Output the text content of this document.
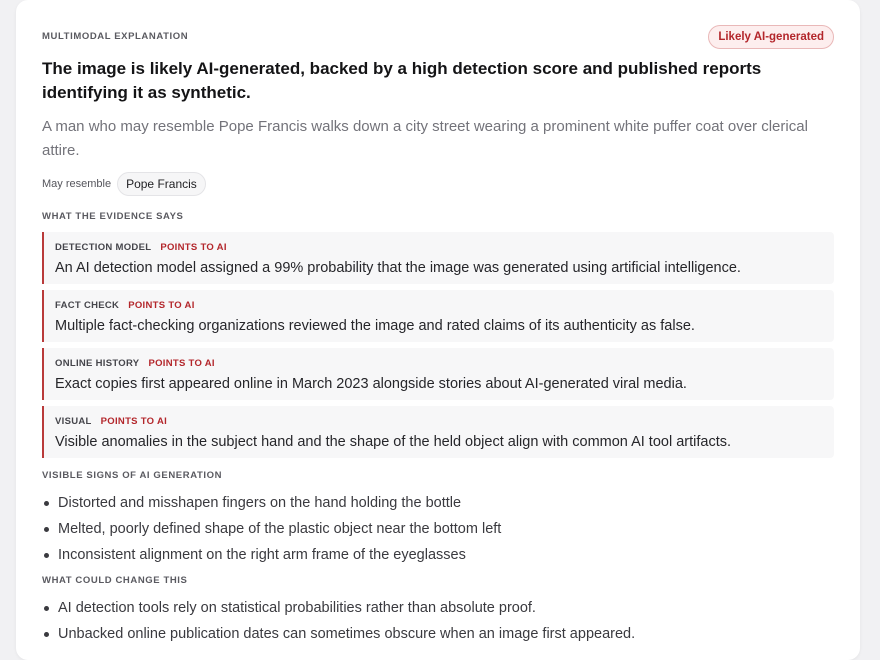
MULTIMODAL EXPLANATION	Likely AI-generated
The image is likely AI-generated, backed by a high detection score and published reports identifying it as synthetic.
A man who may resemble Pope Francis walks down a city street wearing a prominent white puffer coat over clerical attire.
May resemble	Pope Francis
WHAT THE EVIDENCE SAYS
DETECTION MODEL POINTS TO AI
An AI detection model assigned a 99% probability that the image was generated using artificial intelligence.
FACT CHECK POINTS TO AI
Multiple fact-checking organizations reviewed the image and rated claims of its authenticity as false.
ONLINE HISTORY POINTS TO AI
Exact copies first appeared online in March 2023 alongside stories about AI-generated viral media.
VISUAL POINTS TO AI
Visible anomalies in the subject hand and the shape of the held object align with common AI tool artifacts.
VISIBLE SIGNS OF AI GENERATION
Distorted and misshapen fingers on the hand holding the bottle
Melted, poorly defined shape of the plastic object near the bottom left
Inconsistent alignment on the right arm frame of the eyeglasses
WHAT COULD CHANGE THIS
AI detection tools rely on statistical probabilities rather than absolute proof.
Unbacked online publication dates can sometimes obscure when an image first appeared.
